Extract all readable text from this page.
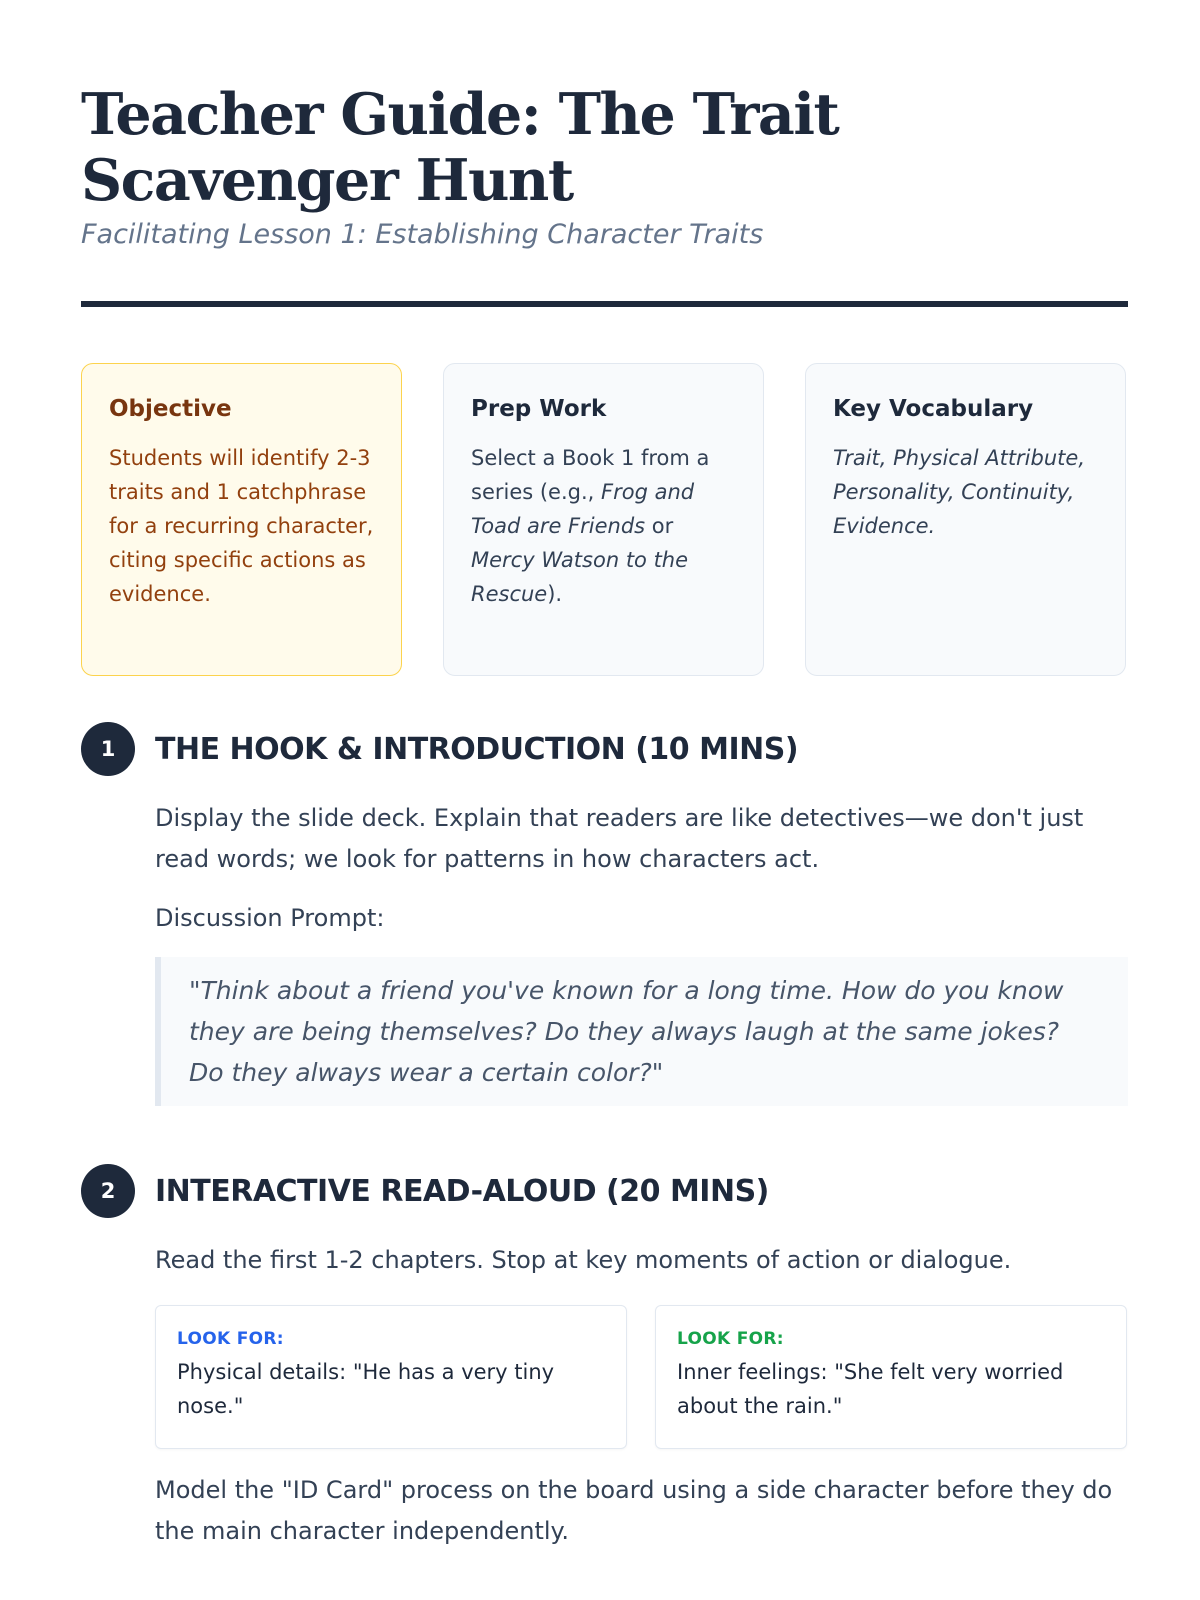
Teacher Guide: The Trait Scavenger Hunt
Facilitating Lesson 1: Establishing Character Traits
Objective
Students will identify 2-3 traits and 1 catchphrase for a recurring character, citing specific actions as evidence.
Prep Work
Select a Book 1 from a series (e.g., Frog and Toad are Friends or Mercy Watson to the Rescue).
Key Vocabulary
Trait, Physical Attribute, Personality, Continuity, Evidence.
1	THE HOOK & INTRODUCTION (10 MINS)

Display the slide deck. Explain that readers are like detectives—we don't just read words; we look for patterns in how characters act.

Discussion Prompt:

"Think about a friend you've known for a long time. How do you know they are being themselves? Do they always laugh at the same jokes? Do they always wear a certain color?"
2	INTERACTIVE READ-ALOUD (20 MINS)

Read the first 1-2 chapters. Stop at key moments of action or dialogue.

LOOK FOR:
Physical details: "He has a very tiny nose."
LOOK FOR:
Inner feelings: "She felt very worried about the rain."

Model the "ID Card" process on the board using a side character before they do the main character independently.
